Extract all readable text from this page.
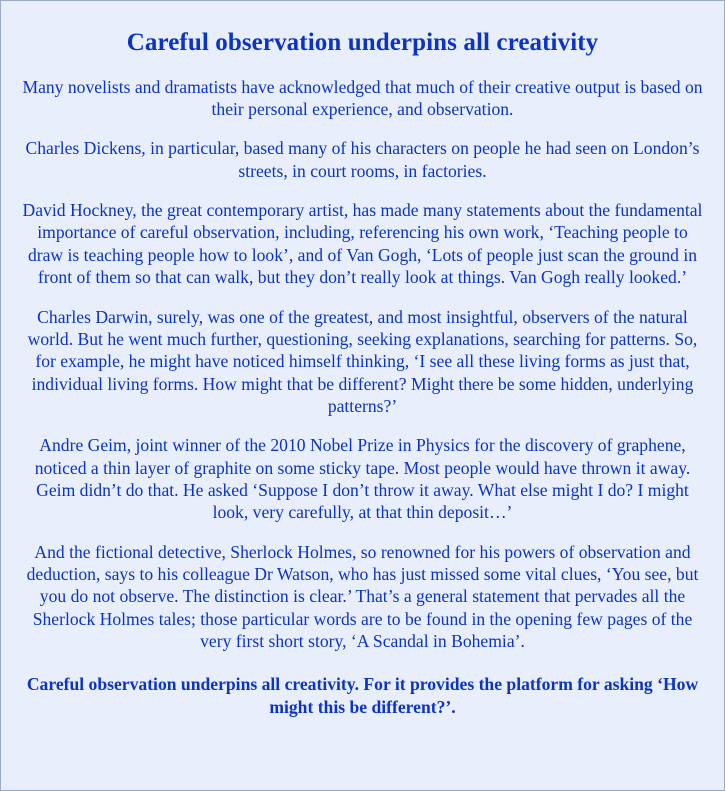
Careful observation underpins all creativity

Many novelists and dramatists have acknowledged that much of their creative output is based on their personal experience, and observation.

Charles Dickens, in particular, based many of his characters on people he had seen on London’s streets, in court rooms, in factories.

David Hockney, the great contemporary artist, has made many statements about the fundamental importance of careful observation, including, referencing his own work, ‘Teaching people to draw is teaching people how to look’, and of Van Gogh, ‘Lots of people just scan the ground in front of them so that can walk, but they don’t really look at things. Van Gogh really looked.’

Charles Darwin, surely, was one of the greatest, and most insightful, observers of the natural world. But he went much further, questioning, seeking explanations, searching for patterns. So, for example, he might have noticed himself thinking, ‘I see all these living forms as just that, individual living forms. How might that be different? Might there be some hidden, underlying patterns?’

Andre Geim, joint winner of the 2010 Nobel Prize in Physics for the discovery of graphene, noticed a thin layer of graphite on some sticky tape. Most people would have thrown it away. Geim didn’t do that. He asked ‘Suppose I don’t throw it away. What else might I do? I might look, very carefully, at that thin deposit…’

And the fictional detective, Sherlock Holmes, so renowned for his powers of observation and deduction, says to his colleague Dr Watson, who has just missed some vital clues, ‘You see, but you do not observe. The distinction is clear.’ That’s a general statement that pervades all the Sherlock Holmes tales; those particular words are to be found in the opening few pages of the very first short story, ‘A Scandal in Bohemia’.

Careful observation underpins all creativity. For it provides the platform for asking ‘How might this be different?’.
